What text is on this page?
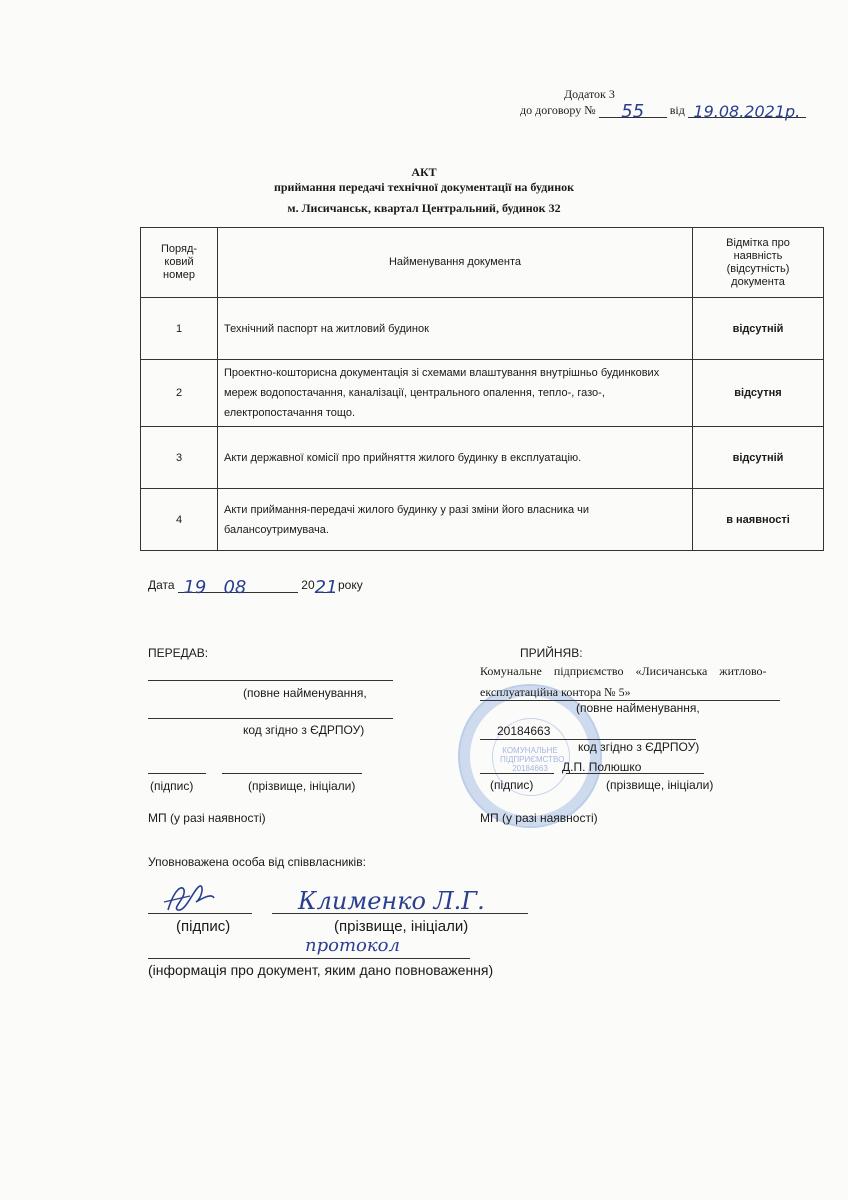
Додаток 3
до договору №	55	від 19.08.2021р.
АКТ
приймання передачі технічної документації на будинок
м. Лисичанськ, квартал Центральний, будинок 32
Поряд-
ковий
номер	Найменування документа	Відмітка про
наявність
(відсутність)
документа
1	Технічний паспорт на житловий будинок	відсутній
2	Проектно-кошторисна документація зі схемами влаштування внутрішньо будинкових мереж водопостачання, каналізації, центрального опалення, тепло-, газо-, електропостачання тощо.	відсутня
3	Акти державної комісії про прийняття жилого будинку в експлуатацію.	відсутній
4	Акти приймання-передачі жилого будинку у разі зміни його власника чи балансоутримувача.	в наявності
Дата 19 08	20 21 року
ПЕРЕДАВ:
(повне найменування,
код згідно з ЄДРПОУ)
(підпис)	(прізвище, ініціали)
МП (у разі наявності)
КОМУНАЛЬНЕ ПІДПРИЄМСТВО 20184663
ПРИЙНЯВ:
Комунальне    підприємство    «Лисичанська    житлово-
експлуатаційна контора № 5»
(повне найменування,
20184663
код згідно з ЄДРПОУ)
Д.П. Полюшко
(підпис)	(прізвище, ініціали)
МП (у разі наявності)
Уповноважена особа від співвласників:
Клименко Л.Г.
(підпис)	(прізвище, ініціали)
протокол
(інформація про документ, яким дано повноваження)
